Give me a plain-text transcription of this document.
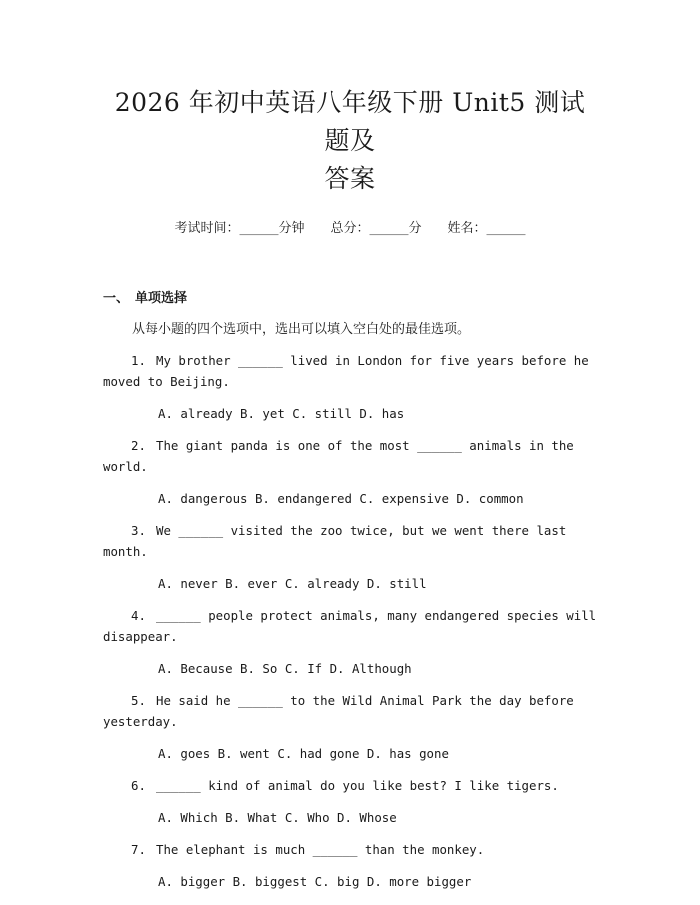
2026 年初中英语八年级下册 Unit5 测试题及
答案
考试时间：______分钟 总分：______分 姓名：______
一、 单项选择
从每小题的四个选项中，选出可以填入空白处的最佳选项。
1. My brother ______ lived in London for five years before he moved to Beijing.
A. already B. yet C. still D. has
2. The giant panda is one of the most ______ animals in the world.
A. dangerous B. endangered C. expensive D. common
3. We ______ visited the zoo twice, but we went there last month.
A. never B. ever C. already D. still
4. ______ people protect animals, many endangered species will disappear.
A. Because B. So C. If D. Although
5. He said he ______ to the Wild Animal Park the day before yesterday.
A. goes B. went C. had gone D. has gone
6. ______ kind of animal do you like best? I like tigers.
A. Which B. What C. Who D. Whose
7. The elephant is much ______ than the monkey.
A. bigger B. biggest C. big D. more bigger
